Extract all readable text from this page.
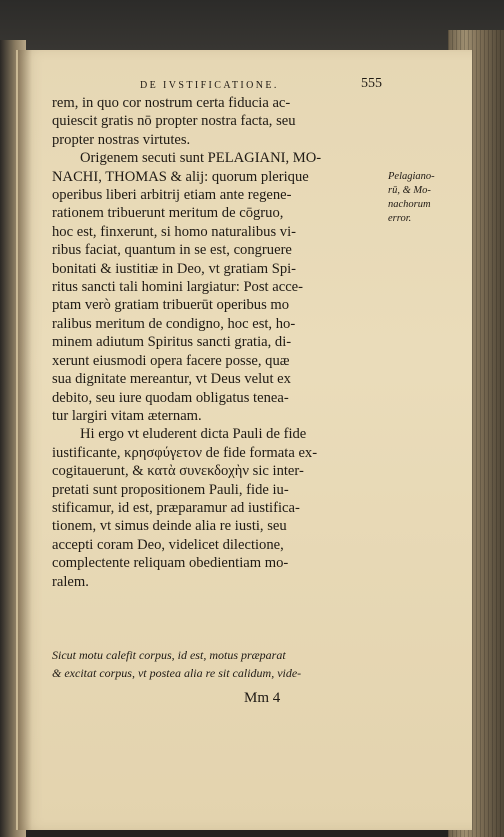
DE IVSTIFICATIONE.	555
rem, in quo cor nostrum certa fiducia ac-
quiescit gratis nō propter nostra facta, seu
propter nostras virtutes.
Origenem secuti sunt PELAGIANI, MO-
NACHI, THOMAS & alij: quorum plerique
operibus liberi arbitrij etiam ante regene-
rationem tribuerunt meritum de cōgruo,
hoc est, finxerunt, si homo naturalibus vi-
ribus faciat, quantum in se est, congruere
bonitati & iustitiæ in Deo, vt gratiam Spi-
ritus sancti tali homini largiatur: Post acce-
ptam verò gratiam tribuerūt operibus mo
ralibus meritum de condigno, hoc est, ho-
minem adiutum Spiritus sancti gratia, di-
xerunt eiusmodi opera facere posse, quæ
sua dignitate mereantur, vt Deus velut ex
debito, seu iure quodam obligatus tenea-
tur largiri vitam æternam.
Hi ergo vt eluderent dicta Pauli de fide
iustificante, κρησφύγετον de fide formata ex-
cogitauerunt, & κατὰ συνεκδοχὴν sic inter-
pretati sunt propositionem Pauli, fide iu-
stificamur, id est, præparamur ad iustifica-
tionem, vt simus deinde alia re iusti, seu
accepti coram Deo, videlicet dilectione,
complectente reliquam obedientiam mo-
ralem.
Pelagiano-
rū, & Mo-
nachorum
error.
Sicut motu calefit corpus, id est, motus præparat
& excitat corpus, vt postea alia re sit calidum, vide-
Mm 4
